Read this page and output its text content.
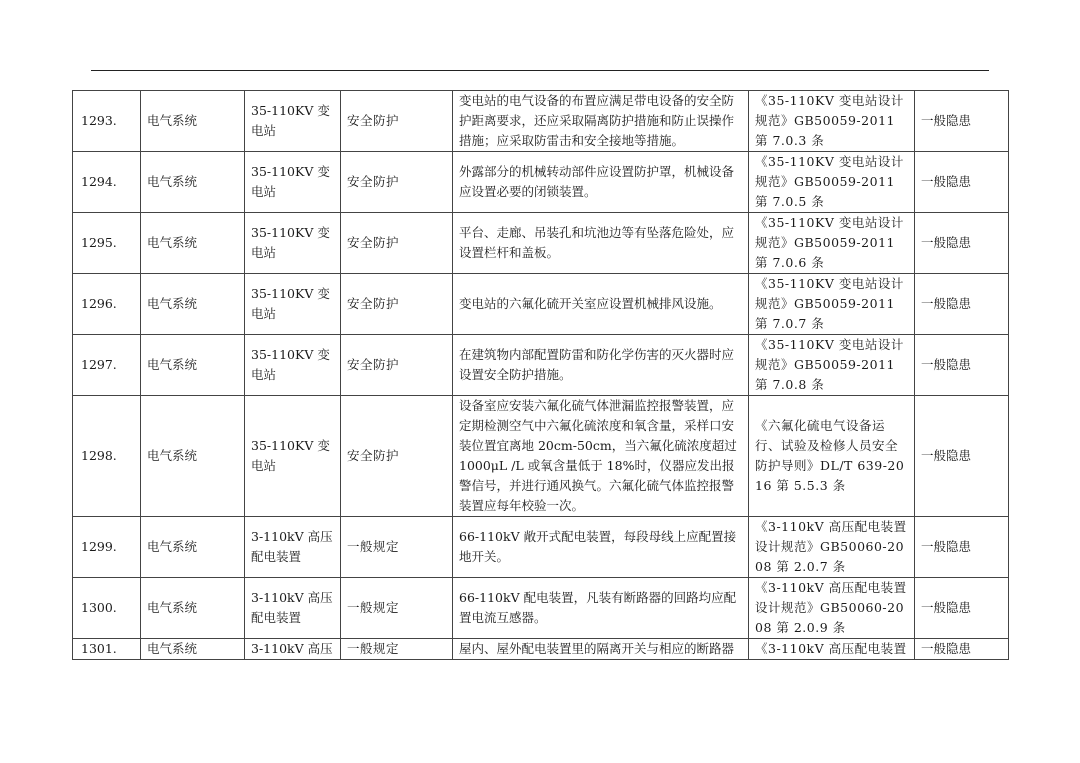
1293.	电气系统	35-110KV 变电站	安全防护	变电站的电气设备的布置应满足带电设备的安全防护距离要求，还应采取隔离防护措施和防止误操作措施；应采取防雷击和安全接地等措施。	《35-110KV 变电站设计规范》GB50059-2011 第 7.0.3 条	一般隐患
1294.	电气系统	35-110KV 变电站	安全防护	外露部分的机械转动部件应设置防护罩，机械设备应设置必要的闭锁装置。	《35-110KV 变电站设计规范》GB50059-2011 第 7.0.5 条	一般隐患
1295.	电气系统	35-110KV 变电站	安全防护	平台、走廊、吊装孔和坑池边等有坠落危险处，应设置栏杆和盖板。	《35-110KV 变电站设计规范》GB50059-2011 第 7.0.6 条	一般隐患
1296.	电气系统	35-110KV 变电站	安全防护	变电站的六氟化硫开关室应设置机械排风设施。	《35-110KV 变电站设计规范》GB50059-2011 第 7.0.7 条	一般隐患
1297.	电气系统	35-110KV 变电站	安全防护	在建筑物内部配置防雷和防化学伤害的灭火器时应设置安全防护措施。	《35-110KV 变电站设计规范》GB50059-2011 第 7.0.8 条	一般隐患
1298.	电气系统	35-110KV 变电站	安全防护	设备室应安装六氟化硫气体泄漏监控报警装置，应定期检测空气中六氟化硫浓度和氧含量，采样口安装位置宜离地 20cm-50cm，当六氟化硫浓度超过 1000μL /L 或氧含量低于 18%时，仪器应发出报警信号，并进行通风换气。六氟化硫气体监控报警装置应每年校验一次。	《六氟化硫电气设备运行、试验及检修人员安全防护导则》DL/T 639-2016 第 5.5.3 条	一般隐患
1299.	电气系统	3-110kV 高压配电装置	一般规定	66-110kV 敞开式配电装置，每段母线上应配置接地开关。	《3-110kV 高压配电装置设计规范》GB50060-2008 第 2.0.7 条	一般隐患
1300.	电气系统	3-110kV 高压配电装置	一般规定	66-110kV 配电装置，凡装有断路器的回路均应配置电流互感器。	《3-110kV 高压配电装置设计规范》GB50060-2008 第 2.0.9 条	一般隐患
1301.	电气系统	3-110kV 高压	一般规定	屋内、屋外配电装置里的隔离开关与相应的断路器	《3-110kV 高压配电装置	一般隐患
